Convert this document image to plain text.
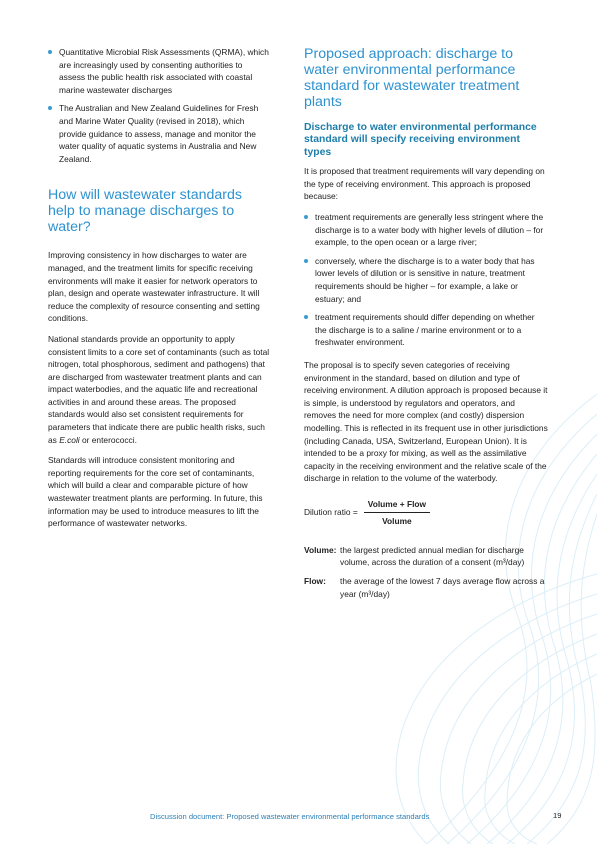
Quantitative Microbial Risk Assessments (QRMA), which are increasingly used by consenting authorities to assess the public health risk associated with coastal marine wastewater discharges
The Australian and New Zealand Guidelines for Fresh and Marine Water Quality (revised in 2018), which provide guidance to assess, manage and monitor the water quality of aquatic systems in Australia and New Zealand.
How will wastewater standards help to manage discharges to water?

Improving consistency in how discharges to water are managed, and the treatment limits for specific receiving environments will make it easier for network operators to plan, design and operate wastewater infrastructure. It will reduce the complexity of resource consenting and setting conditions.

National standards provide an opportunity to apply consistent limits to a core set of contaminants (such as total nitrogen, total phosphorous, sediment and pathogens) that are discharged from wastewater treatment plants and can impact waterbodies, and the aquatic life and recreational activities in and around these areas. The proposed standards would also set consistent requirements for parameters that indicate there are public health risks, such as E.coli or enterococci.

Standards will introduce consistent monitoring and reporting requirements for the core set of contaminants, which will build a clear and comparable picture of how wastewater treatment plants are performing. In future, this information may be used to introduce measures to lift the performance of wastewater networks.

Proposed approach: discharge to water environmental performance standard for wastewater treatment plants
Discharge to water environmental performance standard will specify receiving environment types

It is proposed that treatment requirements will vary depending on the type of receiving environment. This approach is proposed because:

treatment requirements are generally less stringent where the discharge is to a water body with higher levels of dilution – for example, to the open ocean or a large river;
conversely, where the discharge is to a water body that has lower levels of dilution or is sensitive in nature, treatment requirements should be higher – for example, a lake or estuary; and
treatment requirements should differ depending on whether the discharge is to a saline / marine environment or to a freshwater environment.

The proposal is to specify seven categories of receiving environment in the standard, based on dilution and type of receiving environment. A dilution approach is proposed because it is simple, is understood by regulators and operators, and removes the need for more complex (and costly) dispersion modelling. This is reflected in its frequent use in other jurisdictions (including Canada, USA, Switzerland, European Union). It is intended to be a proxy for mixing, as well as the assimilative capacity in the receiving environment and the relative scale of the discharge in relation to the volume of the waterbody.

Dilution ratio = $\frac{\text{Volume + Flow}}{\text{Volume}}$
Volume: the largest predicted annual median for discharge volume, across the duration of a consent (m³/day)
Flow:	the average of the lowest 7 days average flow across a year (m³/day)
Discussion document: Proposed wastewater environmental performance standards	19
